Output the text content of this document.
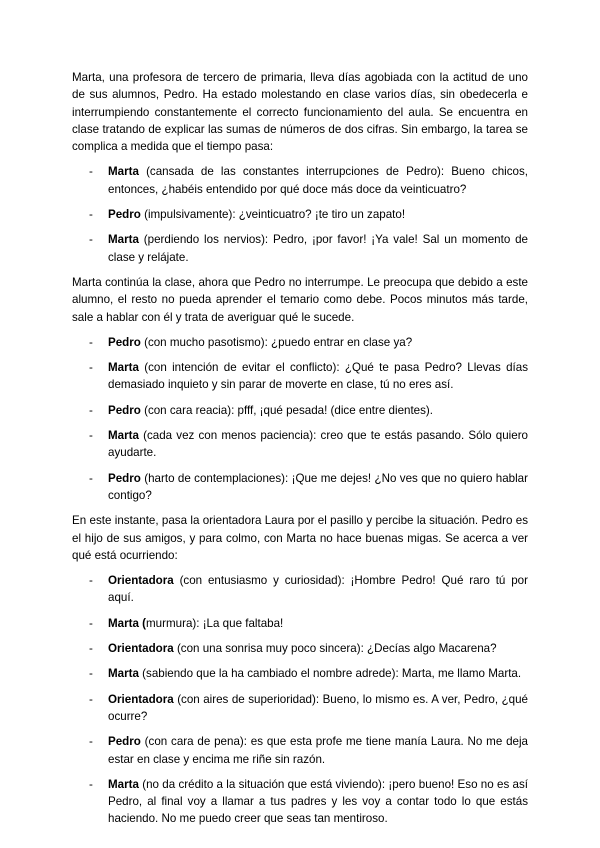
Marta, una profesora de tercero de primaria, lleva días agobiada con la actitud de uno de sus alumnos, Pedro. Ha estado molestando en clase varios días, sin obedecerla e interrumpiendo constantemente el correcto funcionamiento del aula. Se encuentra en clase tratando de explicar las sumas de números de dos cifras. Sin embargo, la tarea se complica a medida que el tiempo pasa:

- Marta (cansada de las constantes interrupciones de Pedro): Bueno chicos, entonces, ¿habéis entendido por qué doce más doce da veinticuatro?
- Pedro (impulsivamente): ¿veinticuatro? ¡te tiro un zapato!
- Marta (perdiendo los nervios): Pedro, ¡por favor! ¡Ya vale! Sal un momento de clase y relájate.

Marta continúa la clase, ahora que Pedro no interrumpe. Le preocupa que debido a este alumno, el resto no pueda aprender el temario como debe. Pocos minutos más tarde, sale a hablar con él y trata de averiguar qué le sucede.

- Pedro (con mucho pasotismo): ¿puedo entrar en clase ya?
- Marta (con intención de evitar el conflicto): ¿Qué te pasa Pedro? Llevas días demasiado inquieto y sin parar de moverte en clase, tú no eres así.
- Pedro (con cara reacia): pfff, ¡qué pesada! (dice entre dientes).
- Marta (cada vez con menos paciencia): creo que te estás pasando. Sólo quiero ayudarte.
- Pedro (harto de contemplaciones): ¡Que me dejes! ¿No ves que no quiero hablar contigo?

En este instante, pasa la orientadora Laura por el pasillo y percibe la situación. Pedro es el hijo de sus amigos, y para colmo, con Marta no hace buenas migas. Se acerca a ver qué está ocurriendo:

- Orientadora (con entusiasmo y curiosidad): ¡Hombre Pedro! Qué raro tú por aquí.
- Marta (murmura): ¡La que faltaba!
- Orientadora (con una sonrisa muy poco sincera): ¿Decías algo Macarena?
- Marta (sabiendo que la ha cambiado el nombre adrede): Marta, me llamo Marta.
- Orientadora (con aires de superioridad): Bueno, lo mismo es. A ver, Pedro, ¿qué ocurre?
- Pedro (con cara de pena): es que esta profe me tiene manía Laura. No me deja estar en clase y encima me riñe sin razón.
- Marta (no da crédito a la situación que está viviendo): ¡pero bueno! Eso no es así Pedro, al final voy a llamar a tus padres y les voy a contar todo lo que estás haciendo. No me puedo creer que seas tan mentiroso.
